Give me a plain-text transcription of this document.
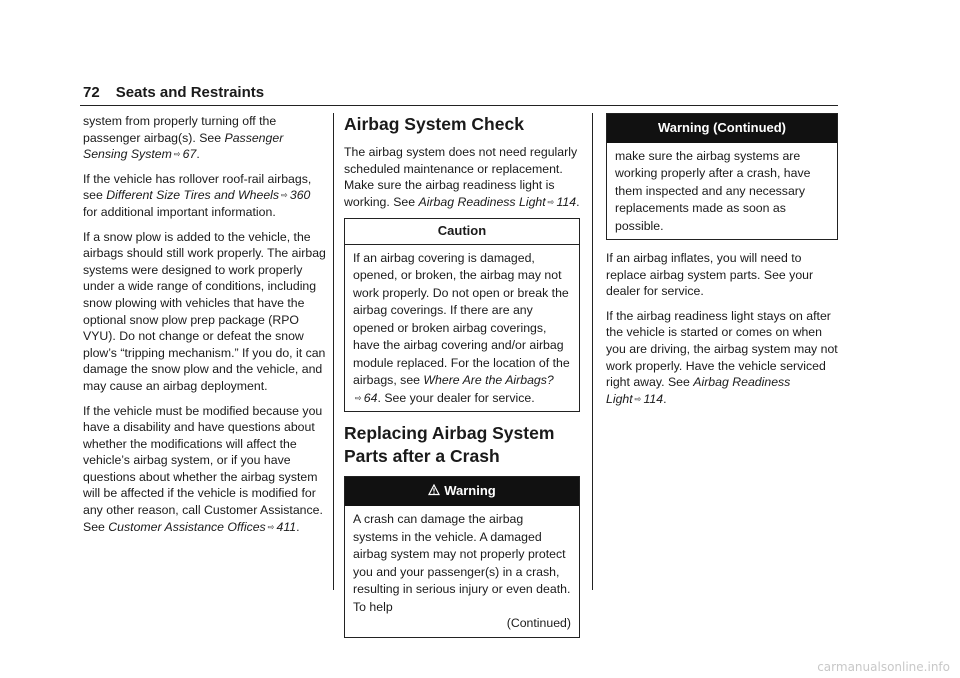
72 Seats and Restraints

system from properly turning off the passenger airbag(s). See Passenger Sensing System ⇨ 67.

If the vehicle has rollover roof-rail airbags, see Different Size Tires and Wheels ⇨ 360 for additional important information.

If a snow plow is added to the vehicle, the airbags should still work properly. The airbag systems were designed to work properly under a wide range of conditions, including snow plowing with vehicles that have the optional snow plow prep package (RPO VYU). Do not change or defeat the snow plow’s “tripping mechanism.” If you do, it can damage the snow plow and the vehicle, and may cause an airbag deployment.

If the vehicle must be modified because you have a disability and have questions about whether the modifications will affect the vehicle’s airbag system, or if you have questions about whether the airbag system will be affected if the vehicle is modified for any other reason, call Customer Assistance. See Customer Assistance Offices ⇨ 411.

Airbag System Check

The airbag system does not need regularly scheduled maintenance or replacement. Make sure the airbag readiness light is working. See Airbag Readiness Light ⇨ 114.

Caution
If an airbag covering is damaged, opened, or broken, the airbag may not work properly. Do not open or break the airbag coverings. If there are any opened or broken airbag coverings, have the airbag covering and/or airbag module replaced. For the location of the airbags, see Where Are the Airbags?⇨ 64. See your dealer for service.
Replacing Airbag System Parts after a Crash
Warning
A crash can damage the airbag systems in the vehicle. A damaged airbag system may not properly protect you and your passenger(s) in a crash, resulting in serious injury or even death. To help
(Continued)
Warning (Continued)
make sure the airbag systems are working properly after a crash, have them inspected and any necessary replacements made as soon as possible.

If an airbag inflates, you will need to replace airbag system parts. See your dealer for service.

If the airbag readiness light stays on after the vehicle is started or comes on when you are driving, the airbag system may not work properly. Have the vehicle serviced right away. See Airbag Readiness Light ⇨ 114.

carmanualsonline.info
